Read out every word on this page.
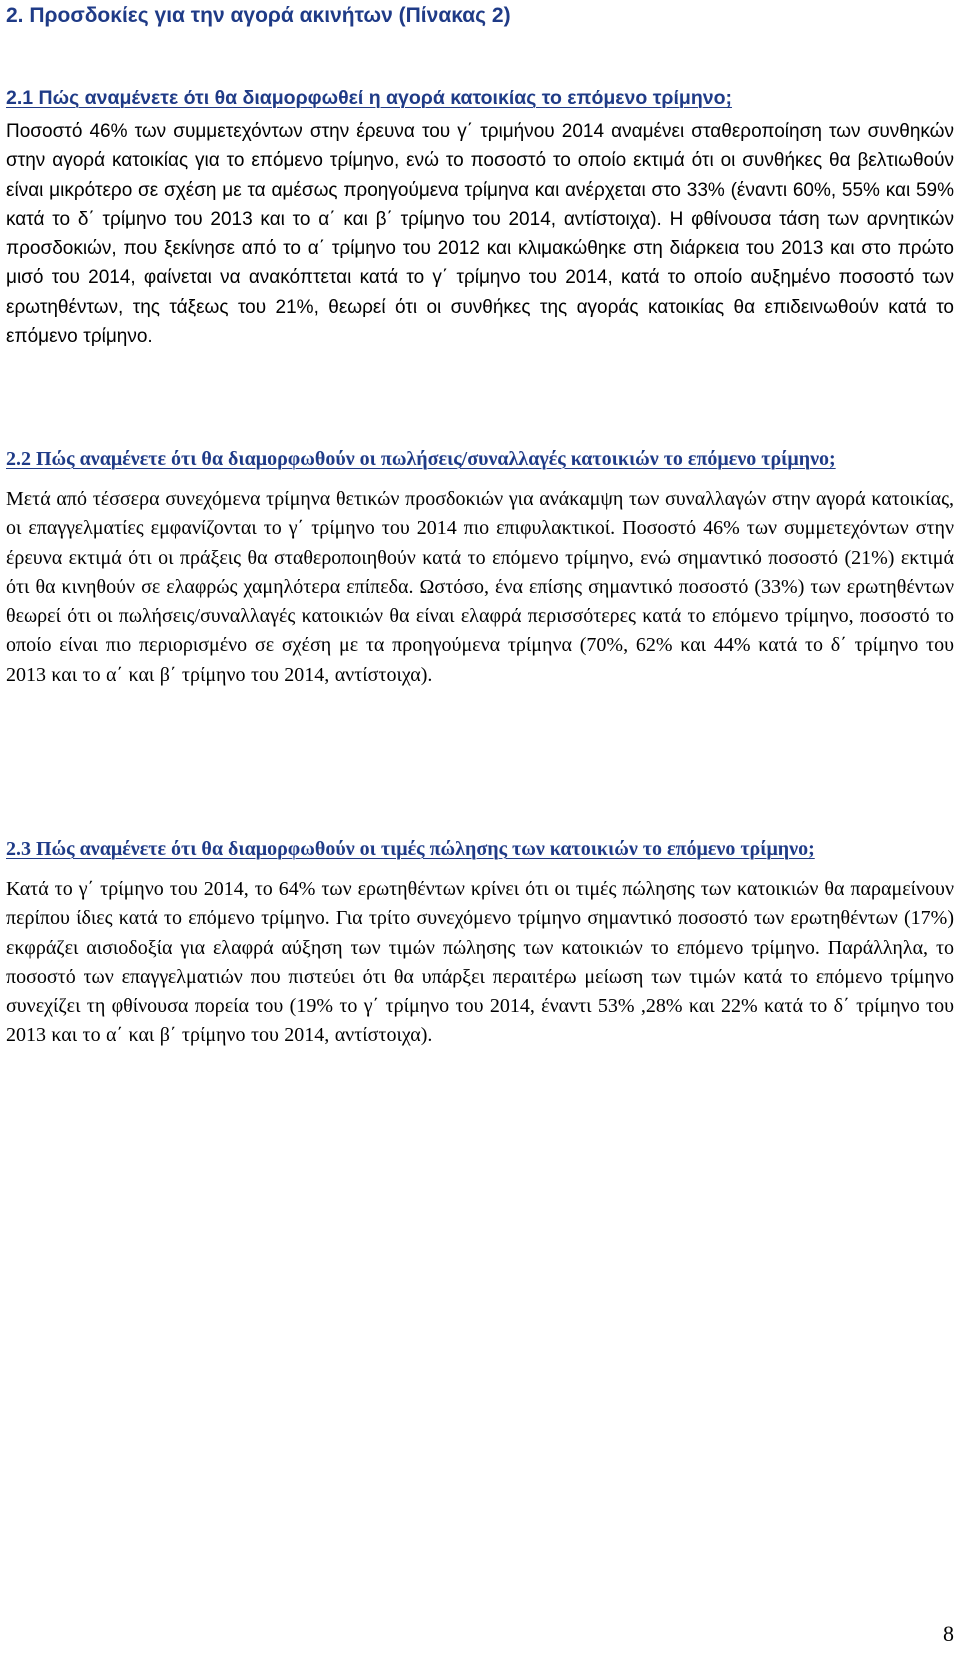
2. Προσδοκίες για την αγορά ακινήτων (Πίνακας 2)
2.1 Πώς αναμένετε ότι θα διαμορφωθεί η αγορά κατοικίας το επόμενο τρίμηνο;

Ποσοστό 46% των συμμετεχόντων στην έρευνα του γ΄ τριμήνου 2014 αναμένει σταθεροποίηση των συνθηκών στην αγορά κατοικίας για το επόμενο τρίμηνο, ενώ το ποσοστό το οποίο εκτιμά ότι οι συνθήκες θα βελτιωθούν είναι μικρότερο σε σχέση με τα αμέσως προηγούμενα τρίμηνα και ανέρχεται στο 33% (έναντι 60%, 55% και 59% κατά το δ΄ τρίμηνο του 2013 και το α΄ και β΄ τρίμηνο του 2014, αντίστοιχα). Η φθίνουσα τάση των αρνητικών προσδοκιών, που ξεκίνησε από το α΄ τρίμηνο του 2012 και κλιμακώθηκε στη διάρκεια του 2013 και στο πρώτο μισό του 2014, φαίνεται να ανακόπτεται κατά το γ΄ τρίμηνο του 2014, κατά το οποίο αυξημένο ποσοστό των ερωτηθέντων, της τάξεως του 21%, θεωρεί ότι οι συνθήκες της αγοράς κατοικίας θα επιδεινωθούν κατά το επόμενο τρίμηνο.

2.2 Πώς αναμένετε ότι θα διαμορφωθούν οι πωλήσεις/συναλλαγές κατοικιών το επόμενο τρίμηνο;

Μετά από τέσσερα συνεχόμενα τρίμηνα θετικών προσδοκιών για ανάκαμψη των συναλλαγών στην αγορά κατοικίας, οι επαγγελματίες εμφανίζονται το γ΄ τρίμηνο του 2014 πιο επιφυλακτικοί. Ποσοστό 46% των συμμετεχόντων στην έρευνα εκτιμά ότι οι πράξεις θα σταθεροποιηθούν κατά το επόμενο τρίμηνο, ενώ σημαντικό ποσοστό (21%) εκτιμά ότι θα κινηθούν σε ελαφρώς χαμηλότερα επίπεδα. Ωστόσο, ένα επίσης σημαντικό ποσοστό (33%) των ερωτηθέντων θεωρεί ότι οι πωλήσεις/συναλλαγές κατοικιών θα είναι ελαφρά περισσότερες κατά το επόμενο τρίμηνο, ποσοστό το οποίο είναι πιο περιορισμένο σε σχέση με τα προηγούμενα τρίμηνα (70%, 62% και 44% κατά το δ΄ τρίμηνο του 2013 και το α΄ και β΄ τρίμηνο του 2014, αντίστοιχα).

2.3 Πώς αναμένετε ότι θα διαμορφωθούν οι τιμές πώλησης των κατοικιών το επόμενο τρίμηνο;

Κατά το γ΄ τρίμηνο του 2014, το 64% των ερωτηθέντων κρίνει ότι οι τιμές πώλησης των κατοικιών θα παραμείνουν περίπου ίδιες κατά το επόμενο τρίμηνο. Για τρίτο συνεχόμενο τρίμηνο σημαντικό ποσοστό των ερωτηθέντων (17%) εκφράζει αισιοδοξία για ελαφρά αύξηση των τιμών πώλησης των κατοικιών το επόμενο τρίμηνο. Παράλληλα, το ποσοστό των επαγγελματιών που πιστεύει ότι θα υπάρξει περαιτέρω μείωση των τιμών κατά το επόμενο τρίμηνο συνεχίζει τη φθίνουσα πορεία του (19% το γ΄ τρίμηνο του 2014, έναντι 53% ,28% και 22% κατά το δ΄ τρίμηνο του 2013 και το α΄ και β΄ τρίμηνο του 2014, αντίστοιχα).

8
